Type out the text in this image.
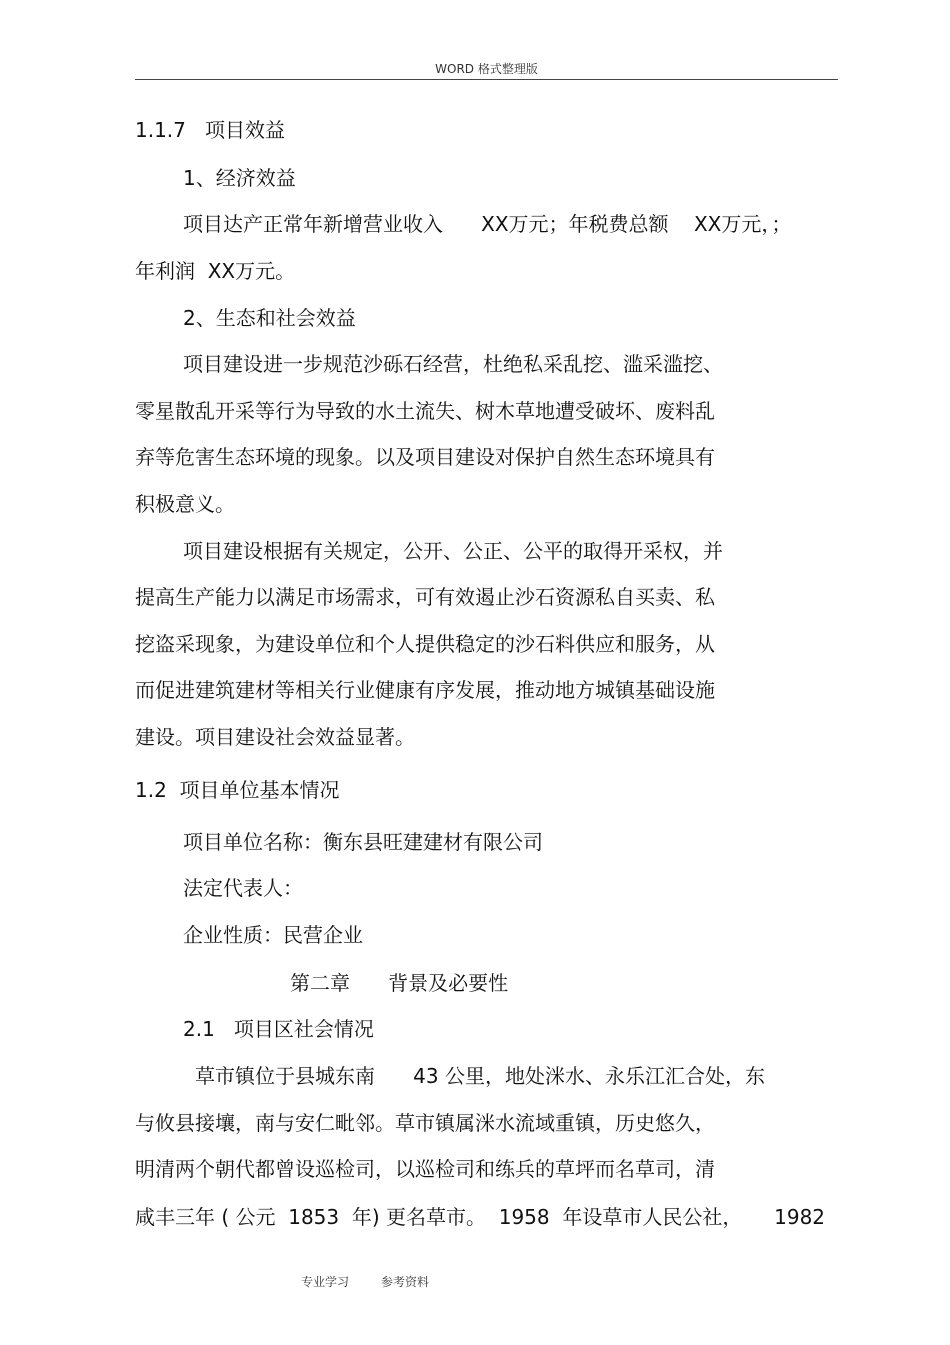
WORD 格式整理版
1.1.7   项目效益
1、经济效益
项目达产正常年新增营业收入      XX万元；年税费总额    XX万元，；
年利润  XX万元。
2、生态和社会效益
项目建设进一步规范沙砾石经营，杜绝私采乱挖、滥采滥挖、
零星散乱开采等行为导致的水土流失、树木草地遭受破坏、废料乱
弃等危害生态环境的现象。以及项目建设对保护自然生态环境具有
积极意义。
项目建设根据有关规定，公开、公正、公平的取得开采权，并
提高生产能力以满足市场需求，可有效遏止沙石资源私自买卖、私
挖盗采现象，为建设单位和个人提供稳定的沙石料供应和服务，从
而促进建筑建材等相关行业健康有序发展，推动地方城镇基础设施
建设。项目建设社会效益显著。
1.2  项目单位基本情况
项目单位名称：衡东县旺建建材有限公司
法定代表人：
企业性质：民营企业
第二章      背景及必要性
2.1   项目区社会情况
草市镇位于县城东南      43 公里，地处洣水、永乐江汇合处，东
与攸县接壤，南与安仁毗邻。草市镇属洣水流域重镇，历史悠久，
明清两个朝代都曾设巡检司，以巡检司和练兵的草坪而名草司，清
咸丰三年 ( 公元  1853  年) 更名草市。  1958  年设草市人民公社，     1982
专业学习	参考资料
